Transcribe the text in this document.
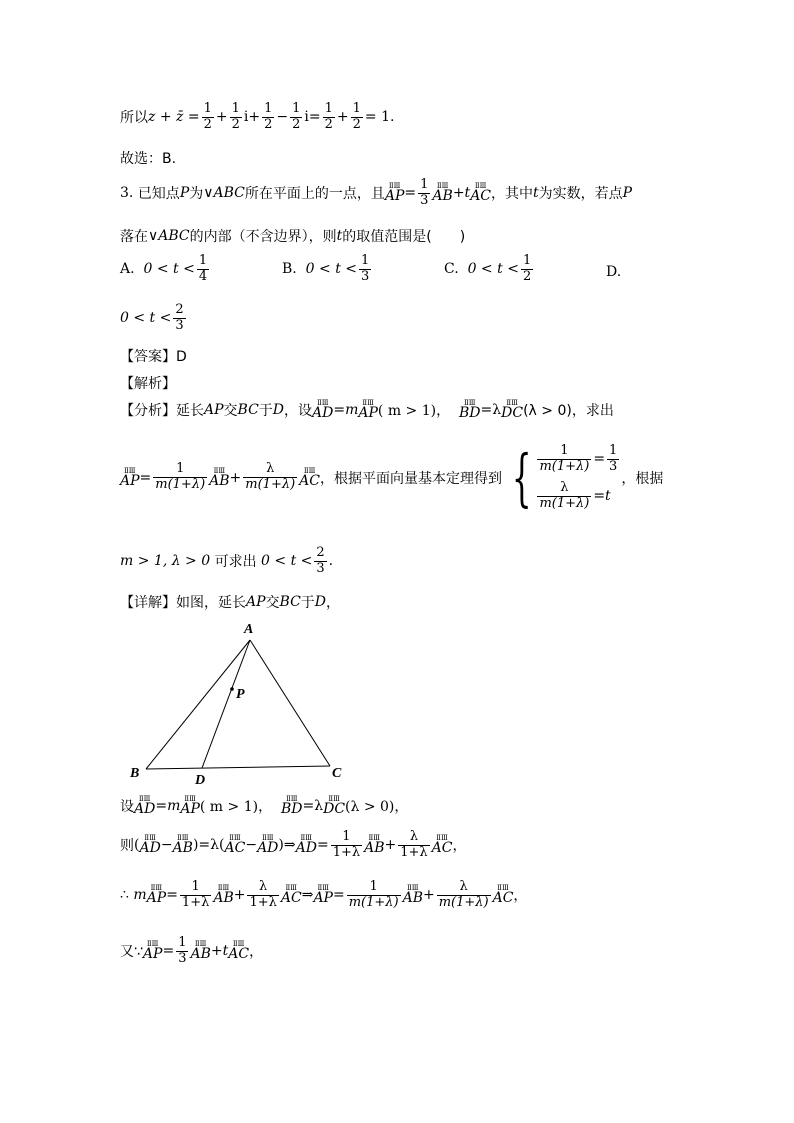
所以 z + z̄ = $\frac{1}{2} + \frac{1}{2}$ $i + \frac{1}{2} - \frac{1}{2}$ $i = \frac{1}{2} + \frac{1}{2} = 1$.
故选：B.
3.
已知点 P 为 ∨ABC 所在平面上的一点，且 ⅡⅢ
AP = $\frac{1}{3}$ ⅡⅢ
AB + t ⅡⅢ
AC ，其中 t 为实数，若点 P
落在 ∨ABC 的内部（不含边界），则 t 的取值范围是(　　)
A.
$0 < t < \frac{1}{4}$	B.
$0 < t < \frac{1}{3}$	C.
$0 < t < \frac{1}{2}$	D.
$0 < t < \frac{2}{3}$
【答案】D
【解析】
【分析】 延长 AP 交 BC 于 D ，设 ⅡⅢ
AD = m ⅡⅢ
AP ( m > 1)，
ⅡⅢ
BD = λ ⅡⅢ
DC (λ > 0)，求出
ⅡⅢ
AP = $\frac{1}{m(1+\lambda)}$ ⅡⅢ
AB + $\frac{\lambda}{m(1+\lambda)}$ ⅡⅢ
AC ，根据平面向量基本定理得到 { $\frac{1}{m(1+\lambda)} = \frac{1}{3}$
$\frac{\lambda}{m(1+\lambda)} = t$
，根据
m > 1, λ > 0
可求出
$0 < t < \frac{2}{3}$ .
【详解】 如图，延长 AP 交 BC 于 D ，
A
P
B	D	C
设 ⅡⅢ
AD = m ⅡⅢ
AP ( m > 1)，
ⅡⅢ
BD = λ ⅡⅢ
DC (λ > 0)，
则 ( ⅡⅢ
AD − ⅡⅢ
AB )= λ ( ⅡⅢ
AC − ⅡⅢ
AD ) ⇒ ⅡⅢ
AD = $\frac{1}{1+\lambda}$ ⅡⅢ
AB + $\frac{\lambda}{1+\lambda}$ ⅡⅢ
AC ，
∴
m ⅡⅢ
AP = $\frac{1}{1+\lambda}$ ⅡⅢ
AB + $\frac{\lambda}{1+\lambda}$ ⅡⅢ
AC ⇒ ⅡⅢ
AP = $\frac{1}{m(1+\lambda)}$ ⅡⅢ
AB + $\frac{\lambda}{m(1+\lambda)}$ ⅡⅢ
AC ，
又∵ ⅡⅢ
AP = $\frac{1}{3}$ ⅡⅢ
AB + t ⅡⅢ
AC ，
